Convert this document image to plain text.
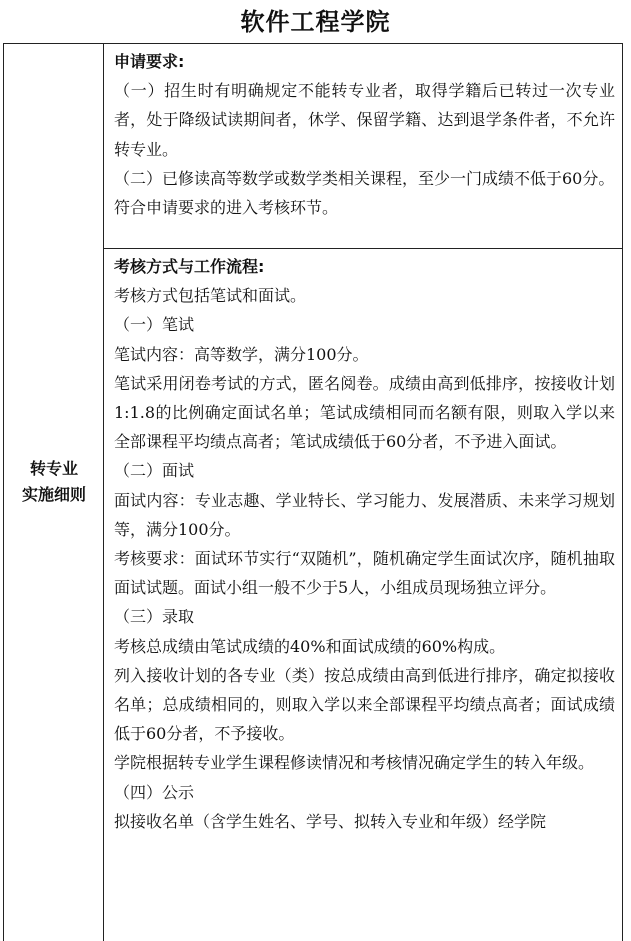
软件工程学院
转专业
实施细则

申请要求:

（一）招生时有明确规定不能转专业者，取得学籍后已转过一次专业者，处于降级试读期间者，休学、保留学籍、达到退学条件者，不允许转专业。

（二）已修读高等数学或数学类相关课程，至少一门成绩不低于60分。

符合申请要求的进入考核环节。

考核方式与工作流程:

考核方式包括笔试和面试。

（一）笔试

笔试内容：高等数学，满分100分。

笔试采用闭卷考试的方式，匿名阅卷。成绩由高到低排序，按接收计划1:1.8的比例确定面试名单；笔试成绩相同而名额有限，则取入学以来全部课程平均绩点高者；笔试成绩低于60分者，不予进入面试。

（二）面试

面试内容：专业志趣、学业特长、学习能力、发展潜质、未来学习规划等，满分100分。

考核要求：面试环节实行“双随机”，随机确定学生面试次序，随机抽取面试试题。面试小组一般不少于5人，小组成员现场独立评分。

（三）录取

考核总成绩由笔试成绩的40%和面试成绩的60%构成。

列入接收计划的各专业（类）按总成绩由高到低进行排序，确定拟接收名单；总成绩相同的，则取入学以来全部课程平均绩点高者；面试成绩低于60分者，不予接收。

学院根据转专业学生课程修读情况和考核情况确定学生的转入年级。

（四）公示

拟接收名单（含学生姓名、学号、拟转入专业和年级）经学院
